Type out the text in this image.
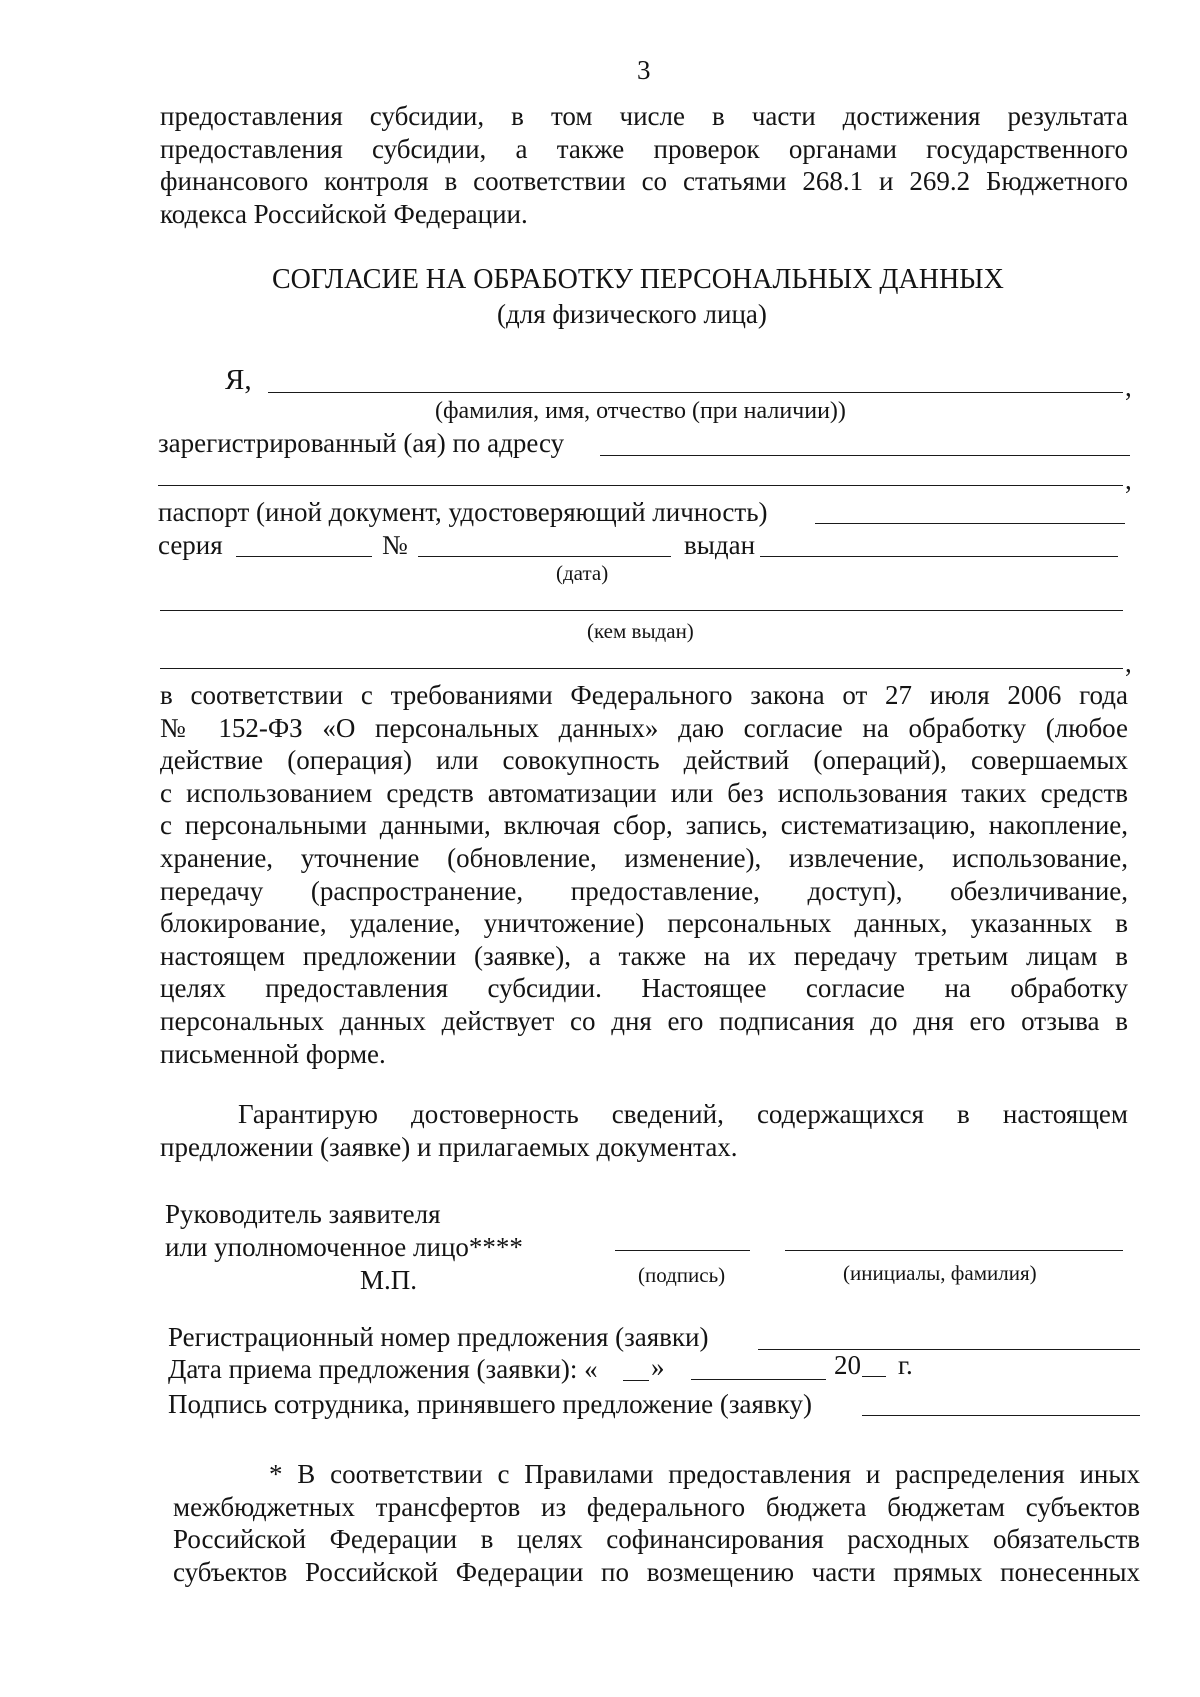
3
предоставления субсидии, в том числе в части достижения результата
предоставления субсидии, а также проверок органами государственного
финансового контроля в соответствии со статьями 268.1 и 269.2 Бюджетного
кодекса Российской Федерации.
СОГЛАСИЕ НА ОБРАБОТКУ ПЕРСОНАЛЬНЫХ ДАННЫХ
(для физического лица)
Я,	,
(фамилия, имя, отчество (при наличии))
зарегистрированный (ая) по адресу
,
паспорт (иной документ, удостоверяющий личность)
серия	№	выдан
(дата)
(кем выдан)
,
в соответствии с требованиями Федерального закона от 27 июля 2006 года
№ 152-ФЗ «О персональных данных» даю согласие на обработку (любое
действие (операция) или совокупность действий (операций), совершаемых
с использованием средств автоматизации или без использования таких средств
с персональными данными, включая сбор, запись, систематизацию, накопление,
хранение, уточнение (обновление, изменение), извлечение, использование,
передачу (распространение, предоставление, доступ), обезличивание,
блокирование, удаление, уничтожение) персональных данных, указанных в
настоящем предложении (заявке), а также на их передачу третьим лицам в
целях предоставления субсидии. Настоящее согласие на обработку
персональных данных действует со дня его подписания до дня его отзыва в
письменной форме.
Гарантирую достоверность сведений, содержащихся в настоящем
предложении (заявке) и прилагаемых документах.
Руководитель заявителя
или уполномоченное лицо****
М.П.	(подпись)	(инициалы, фамилия)
Регистрационный номер предложения (заявки)
Дата приема предложения (заявки): « »	20 г.
Подпись сотрудника, принявшего предложение (заявку)
* В соответствии с Правилами предоставления и распределения иных
межбюджетных трансфертов из федерального бюджета бюджетам субъектов
Российской Федерации в целях софинансирования расходных обязательств
субъектов Российской Федерации по возмещению части прямых понесенных
